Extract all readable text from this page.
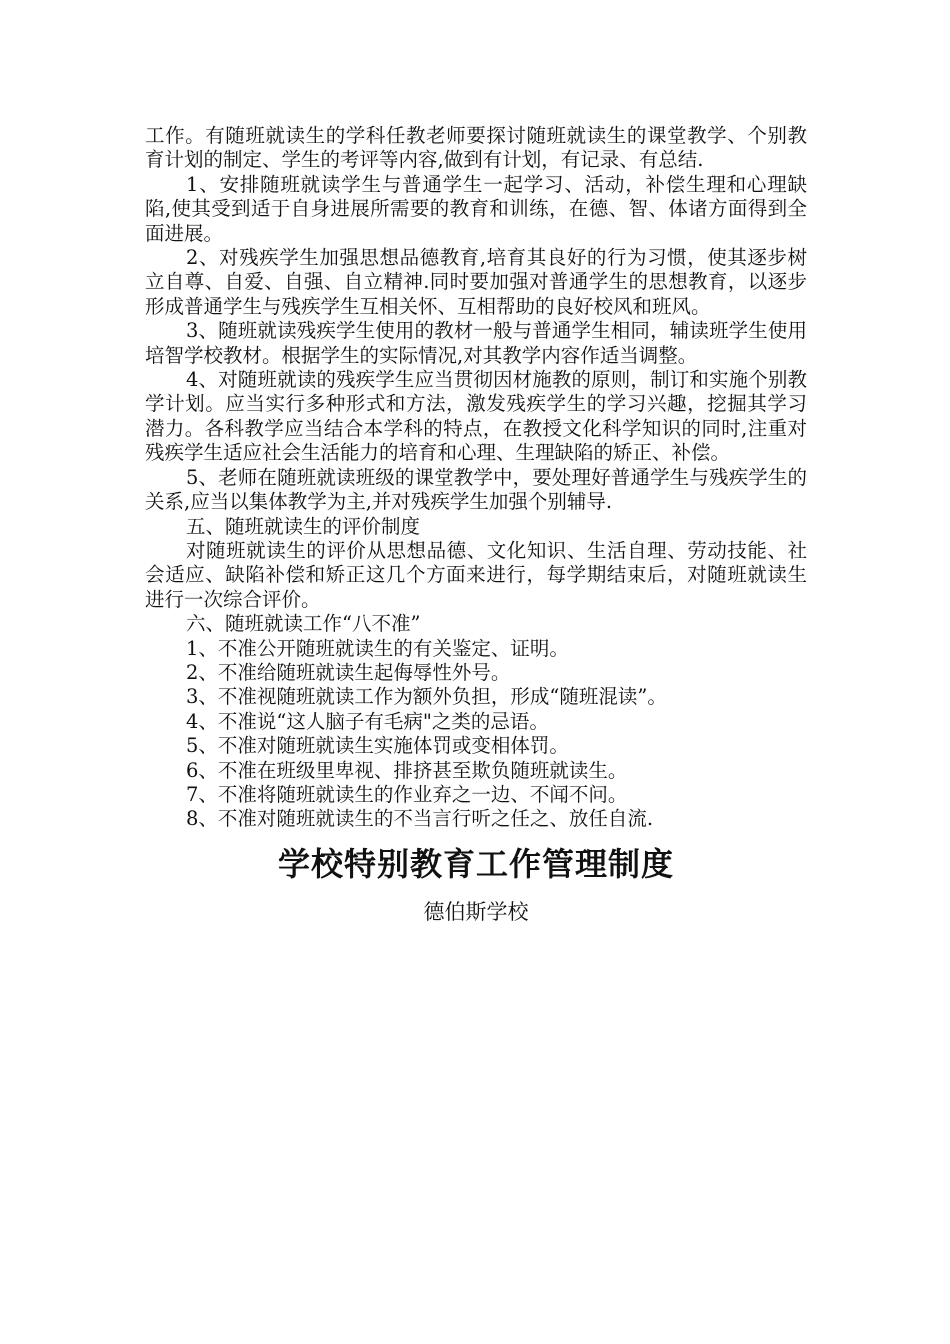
工作。有随班就读生的学科任教老师要探讨随班就读生的课堂教学、个别教育计划的制定、学生的考评等内容,做到有计划，有记录、有总结.

1、安排随班就读学生与普通学生一起学习、活动，补偿生理和心理缺陷,使其受到适于自身进展所需要的教育和训练，在德、智、体诸方面得到全面进展。

2、对残疾学生加强思想品德教育,培育其良好的行为习惯，使其逐步树立自尊、自爱、自强、自立精神.同时要加强对普通学生的思想教育，以逐步形成普通学生与残疾学生互相关怀、互相帮助的良好校风和班风。

3、随班就读残疾学生使用的教材一般与普通学生相同，辅读班学生使用培智学校教材。根据学生的实际情况,对其教学内容作适当调整。

4、对随班就读的残疾学生应当贯彻因材施教的原则，制订和实施个别教学计划。应当实行多种形式和方法，激发残疾学生的学习兴趣，挖掘其学习潜力。各科教学应当结合本学科的特点，在教授文化科学知识的同时,注重对残疾学生适应社会生活能力的培育和心理、生理缺陷的矫正、补偿。

5、老师在随班就读班级的课堂教学中，要处理好普通学生与残疾学生的关系,应当以集体教学为主,并对残疾学生加强个别辅导.

五、随班就读生的评价制度

对随班就读生的评价从思想品德、文化知识、生活自理、劳动技能、社会适应、缺陷补偿和矫正这几个方面来进行，每学期结束后，对随班就读生进行一次综合评价。

六、随班就读工作“八不准”

1、不准公开随班就读生的有关鉴定、证明。

2、不准给随班就读生起侮辱性外号。

3、不准视随班就读工作为额外负担，形成“随班混读”。

4、不准说“这人脑子有毛病"之类的忌语。

5、不准对随班就读生实施体罚或变相体罚。

6、不准在班级里卑视、排挤甚至欺负随班就读生。

7、不准将随班就读生的作业弃之一边、不闻不问。

8、不准对随班就读生的不当言行听之任之、放任自流.

学校特别教育工作管理制度

德伯斯学校
